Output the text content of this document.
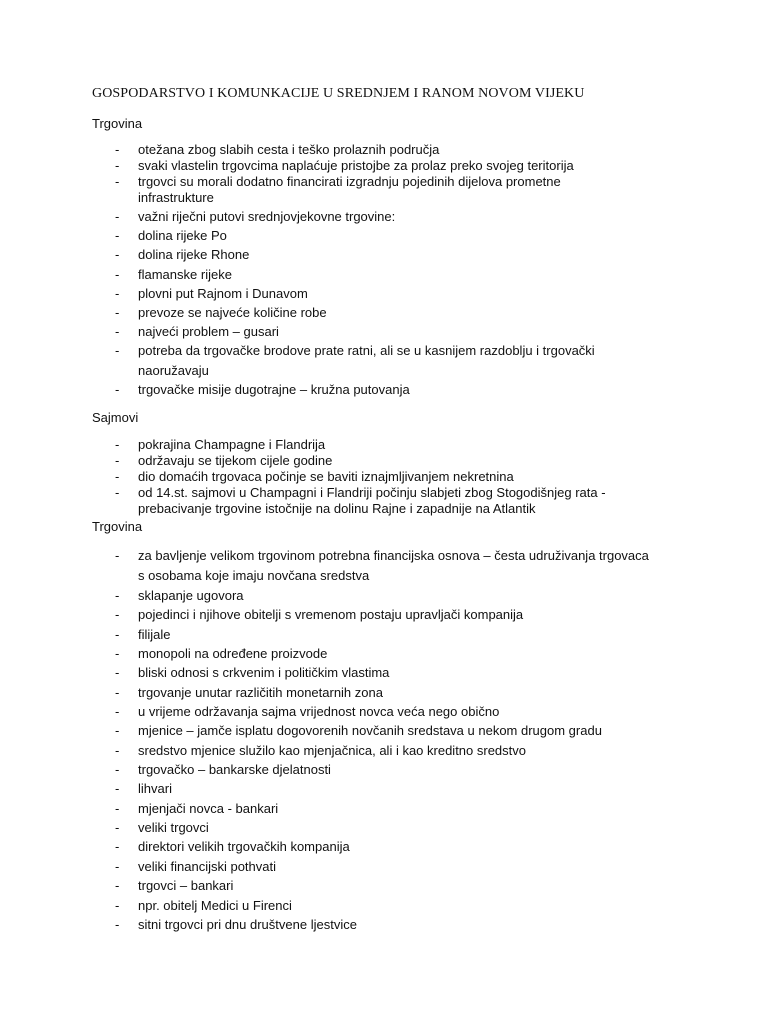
GOSPODARSTVO I KOMUNKACIJE U SREDNJEM I RANOM NOVOM VIJEKU
Trgovina
- otežana zbog slabih cesta i teško prolaznih područja
- svaki vlastelin trgovcima naplaćuje pristojbe za prolaz preko svojeg teritorija
- trgovci su morali dodatno financirati izgradnju pojedinih dijelova prometne infrastrukture
- važni riječni putovi srednjovjekovne trgovine:
- dolina rijeke Po
- dolina rijeke Rhone
- flamanske rijeke
- plovni put Rajnom i Dunavom
- prevoze se najveće količine robe
- najveći problem – gusari
- potreba da trgovačke brodove prate ratni, ali se u kasnijem razdoblju i trgovački naoružavaju
- trgovačke misije dugotrajne – kružna putovanja
Sajmovi
- pokrajina Champagne i Flandrija
- održavaju se tijekom cijele godine
- dio domaćih trgovaca počinje se baviti iznajmljivanjem nekretnina
- od 14.st. sajmovi u Champagni i Flandriji počinju slabjeti zbog Stogodišnjeg rata - prebacivanje trgovine istočnije na dolinu Rajne i zapadnije na Atlantik
Trgovina
- za bavljenje velikom trgovinom potrebna financijska osnova – česta udruživanja trgovaca s osobama koje imaju novčana sredstva
- sklapanje ugovora
- pojedinci i njihove obitelji s vremenom postaju upravljači kompanija
- filijale
- monopoli na određene proizvode
- bliski odnosi s crkvenim i političkim vlastima
- trgovanje unutar različitih monetarnih zona
- u vrijeme održavanja sajma vrijednost novca veća nego obično
- mjenice – jamče isplatu dogovorenih novčanih sredstava u nekom drugom gradu
- sredstvo mjenice služilo kao mjenjačnica, ali i kao kreditno sredstvo
- trgovačko – bankarske djelatnosti
- lihvari
- mjenjači novca - bankari
- veliki trgovci
- direktori velikih trgovačkih kompanija
- veliki financijski pothvati
- trgovci – bankari
- npr. obitelj Medici u Firenci
- sitni trgovci pri dnu društvene ljestvice
